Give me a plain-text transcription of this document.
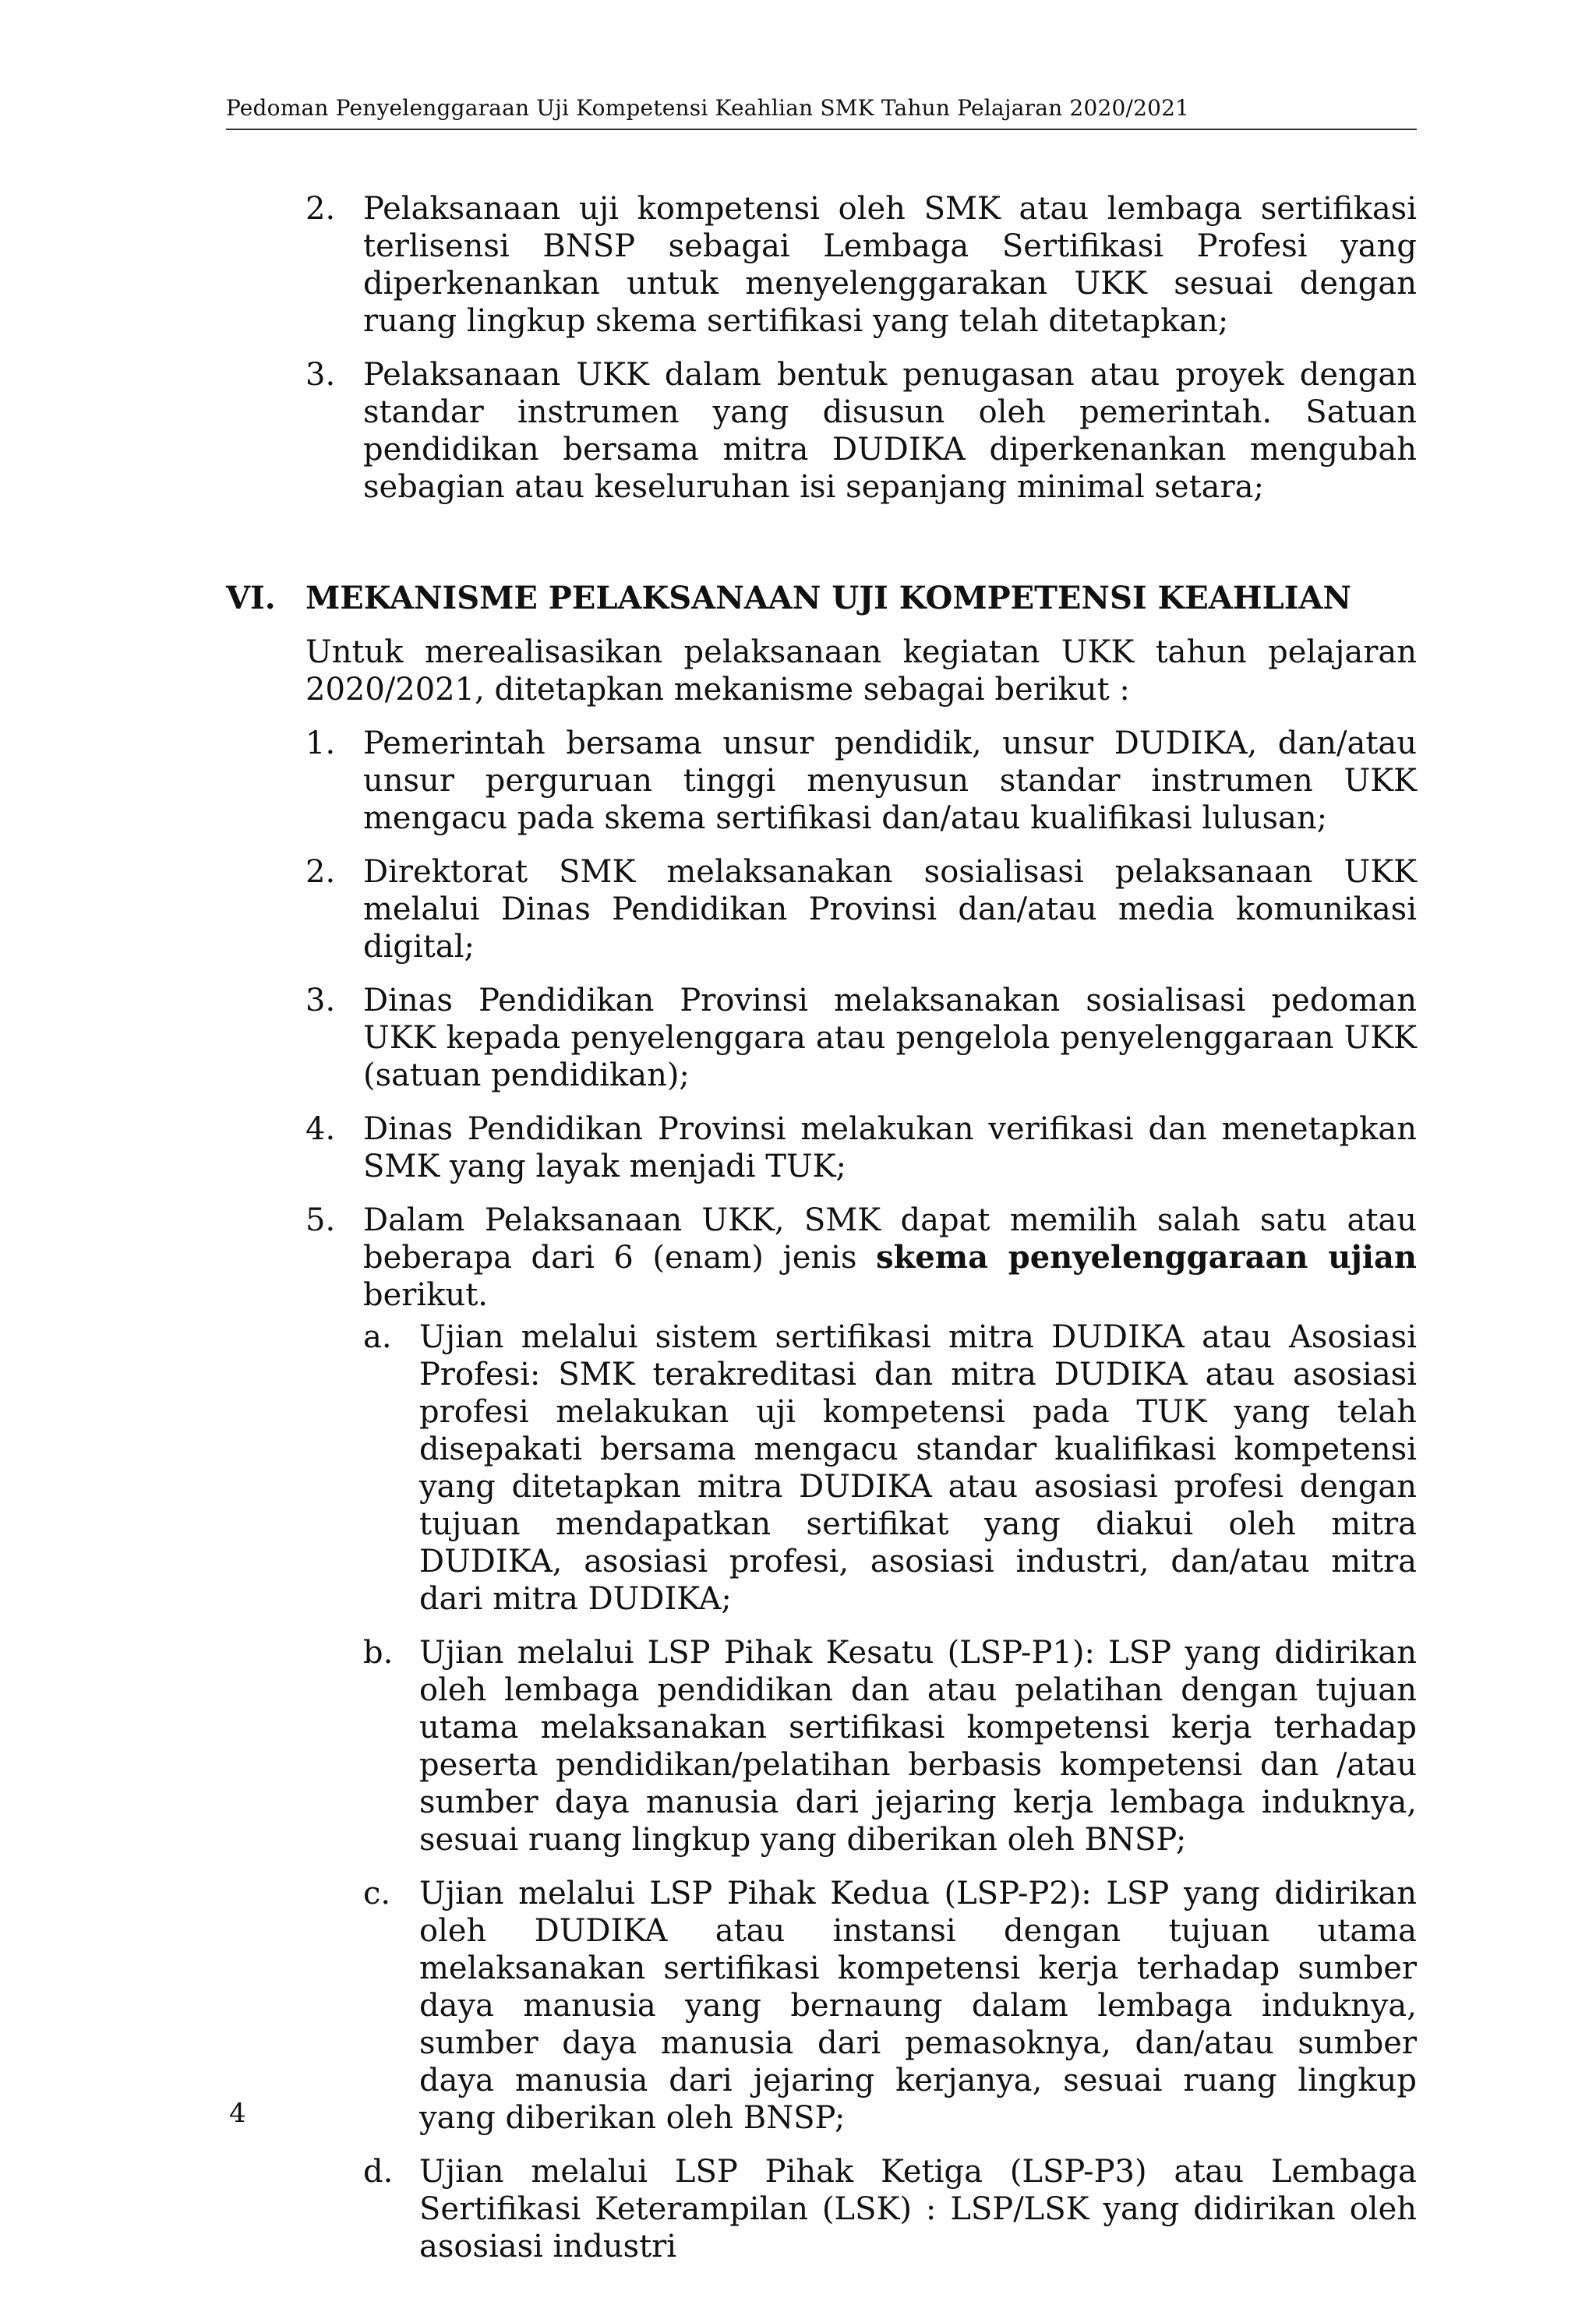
Pedoman Penyelenggaraan Uji Kompetensi Keahlian SMK Tahun Pelajaran 2020/2021
2. Pelaksanaan uji kompetensi oleh SMK atau lembaga sertifikasi terlisensi BNSP sebagai Lembaga Sertifikasi Profesi yang diperkenankan untuk menyelenggarakan UKK sesuai dengan ruang lingkup skema sertifikasi yang telah ditetapkan;
3. Pelaksanaan UKK dalam bentuk penugasan atau proyek dengan standar instrumen yang disusun oleh pemerintah. Satuan pendidikan bersama mitra DUDIKA diperkenankan mengubah sebagian atau keseluruhan isi sepanjang minimal setara;
VI. MEKANISME PELAKSANAAN UJI KOMPETENSI KEAHLIAN
Untuk merealisasikan pelaksanaan kegiatan UKK tahun pelajaran 2020/2021, ditetapkan mekanisme sebagai berikut :
1. Pemerintah bersama unsur pendidik, unsur DUDIKA, dan/atau unsur perguruan tinggi menyusun standar instrumen UKK mengacu pada skema sertifikasi dan/atau kualifikasi lulusan;
2. Direktorat SMK melaksanakan sosialisasi pelaksanaan UKK melalui Dinas Pendidikan Provinsi dan/atau media komunikasi digital;
3. Dinas Pendidikan Provinsi melaksanakan sosialisasi pedoman UKK kepada penyelenggara atau pengelola penyelenggaraan UKK (satuan pendidikan);
4. Dinas Pendidikan Provinsi melakukan verifikasi dan menetapkan SMK yang layak menjadi TUK;
5. Dalam Pelaksanaan UKK, SMK dapat memilih salah satu atau beberapa dari 6 (enam) jenis skema penyelenggaraan ujian berikut.
a. Ujian melalui sistem sertifikasi mitra DUDIKA atau Asosiasi Profesi: SMK terakreditasi dan mitra DUDIKA atau asosiasi profesi melakukan uji kompetensi pada TUK yang telah disepakati bersama mengacu standar kualifikasi kompetensi yang ditetapkan mitra DUDIKA atau asosiasi profesi dengan tujuan mendapatkan sertifikat yang diakui oleh mitra DUDIKA, asosiasi profesi, asosiasi industri, dan/atau mitra dari mitra DUDIKA;
b. Ujian melalui LSP Pihak Kesatu (LSP-P1): LSP yang didirikan oleh lembaga pendidikan dan atau pelatihan dengan tujuan utama melaksanakan sertifikasi kompetensi kerja terhadap peserta pendidikan/pelatihan berbasis kompetensi dan /atau sumber daya manusia dari jejaring kerja lembaga induknya, sesuai ruang lingkup yang diberikan oleh BNSP;
c. Ujian melalui LSP Pihak Kedua (LSP-P2): LSP yang didirikan oleh DUDIKA atau instansi dengan tujuan utama melaksanakan sertifikasi kompetensi kerja terhadap sumber daya manusia yang bernaung dalam lembaga induknya, sumber daya manusia dari pemasoknya, dan/atau sumber daya manusia dari jejaring kerjanya, sesuai ruang lingkup yang diberikan oleh BNSP;
d. Ujian melalui LSP Pihak Ketiga (LSP-P3) atau Lembaga Sertifikasi Keterampilan (LSK) : LSP/LSK yang didirikan oleh asosiasi industri
4
